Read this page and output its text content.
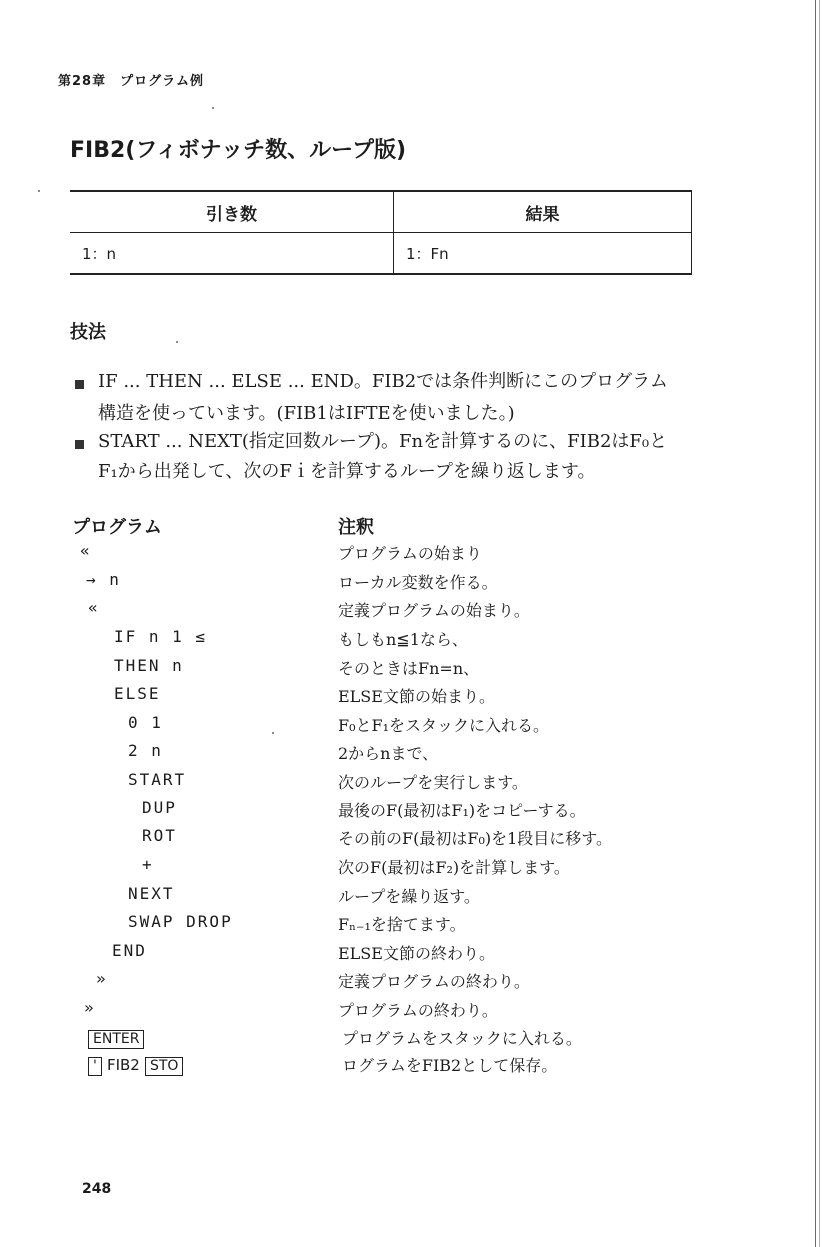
第28章　プログラム例
FIB2(フィボナッチ数、ループ版)
引き数	結果
1：n	1：Fn
技法
IF ... THEN ... ELSE ... END。FIB2では条件判断にこのプログラム
構造を使っています。(FIB1はIFTEを使いました。)
START ... NEXT(指定回数ループ)。Fnを計算するのに、FIB2はF₀と
F₁から出発して、次のFｉを計算するループを繰り返します。
プログラム	注釈
«	プログラムの始まり
→ n	ローカル変数を作る。
«	定義プログラムの始まり。
IF n 1 ≤	もしもn≦1なら、
THEN n	そのときはFn=n、
ELSE	ELSE文節の始まり。
0 1	F₀とF₁をスタックに入れる。
2 n	2からnまで、
START	次のループを実行します。
DUP	最後のF(最初はF₁)をコピーする。
ROT	その前のF(最初はF₀)を1段目に移す。
+	次のF(最初はF₂)を計算します。
NEXT	ループを繰り返す。
SWAP DROP	Fₙ₋₁を捨てます。
END	ELSE文節の終わり。
»	定義プログラムの終わり。
»	プログラムの終わり。
ENTER	プログラムをスタックに入れる。
' FIB2 STO	ログラムをFIB2として保存。
248
